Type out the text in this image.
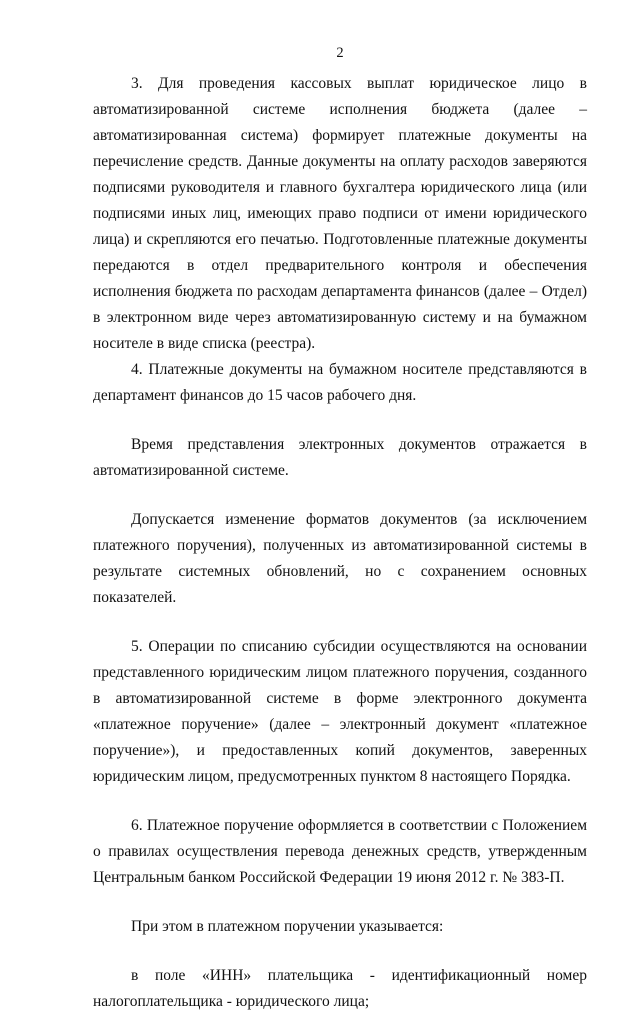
2

3. Для проведения кассовых выплат юридическое лицо в автоматизированной системе исполнения бюджета (далее – автоматизированная система) формирует платежные документы на перечисление средств. Данные документы на оплату расходов заверяются подписями руководителя и главного бухгалтера юридического лица (или подписями иных лиц, имеющих право подписи от имени юридического лица) и скрепляются его печатью. Подготовленные платежные документы передаются в отдел предварительного контроля и обеспечения исполнения бюджета по расходам департамента финансов (далее – Отдел) в электронном виде через автоматизированную систему и на бумажном носителе в виде списка (реестра).

4. Платежные документы на бумажном носителе представляются в департамент финансов до 15 часов рабочего дня.

Время представления электронных документов отражается в автоматизированной системе.

Допускается изменение форматов документов (за исключением платежного поручения), полученных из автоматизированной системы в результате системных обновлений, но с сохранением основных показателей.

5. Операции по списанию субсидии осуществляются на основании представленного юридическим лицом платежного поручения, созданного в автоматизированной системе в форме электронного документа «платежное поручение» (далее – электронный документ «платежное поручение»), и предоставленных копий документов, заверенных юридическим лицом, предусмотренных пунктом 8 настоящего Порядка.

6. Платежное поручение оформляется в соответствии с Положением о правилах осуществления перевода денежных средств, утвержденным Центральным банком Российской Федерации 19 июня 2012 г. № 383-П.

При этом в платежном поручении указывается:

в поле «ИНН» плательщика - идентификационный номер налогоплательщика - юридического лица;
